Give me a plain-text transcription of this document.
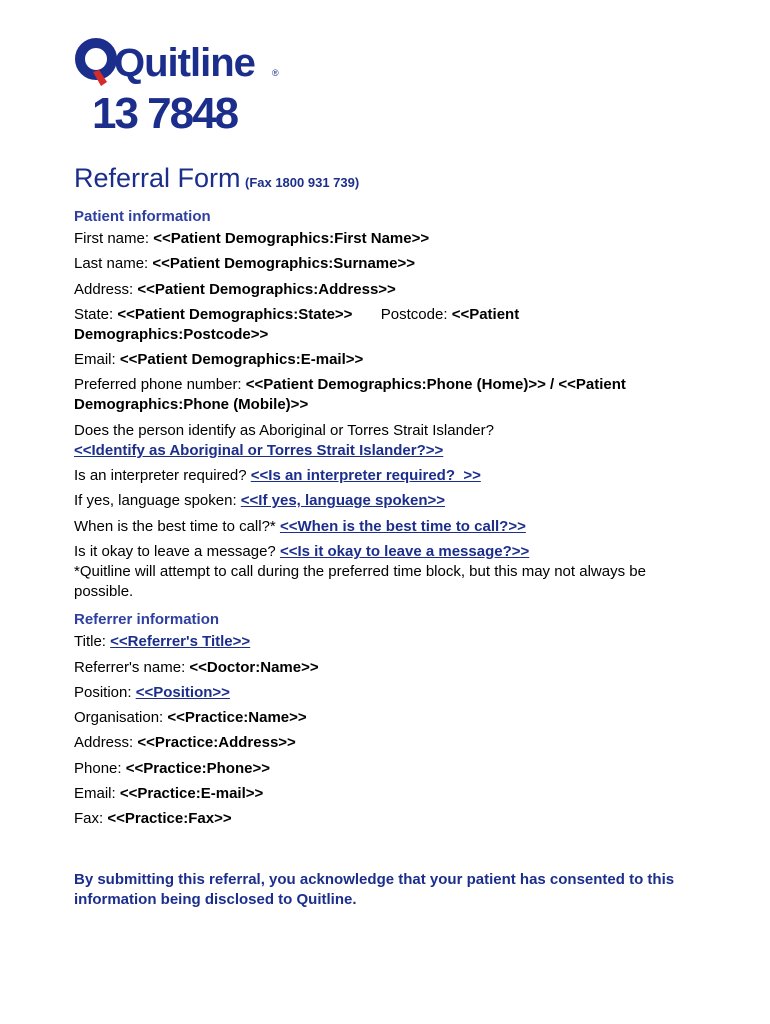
Quitline
13 7848
®
Referral Form (Fax 1800 931 739)
Patient information
First name: <<Patient Demographics:First Name>>
Last name: <<Patient Demographics:Surname>>
Address: <<Patient Demographics:Address>>
State: <<Patient Demographics:State>> Postcode: <<Patient Demographics:Postcode>>
Email: <<Patient Demographics:E-mail>>
Preferred phone number: <<Patient Demographics:Phone (Home)>> / <<Patient Demographics:Phone (Mobile)>>
Does the person identify as Aboriginal or Torres Strait Islander?
<<Identify as Aboriginal or Torres Strait Islander?>>
Is an interpreter required? <<Is an interpreter required?  >>
If yes, language spoken: <<If yes, language spoken>>
When is the best time to call?* <<When is the best time to call?>>
Is it okay to leave a message? <<Is it okay to leave a message?>>
*Quitline will attempt to call during the preferred time block, but this may not always be possible.
Referrer information
Title: <<Referrer's Title>>
Referrer's name: <<Doctor:Name>>
Position: <<Position>>
Organisation: <<Practice:Name>>
Address: <<Practice:Address>>
Phone: <<Practice:Phone>>
Email: <<Practice:E-mail>>
Fax: <<Practice:Fax>>
By submitting this referral, you acknowledge that your patient has consented to this information being disclosed to Quitline.
